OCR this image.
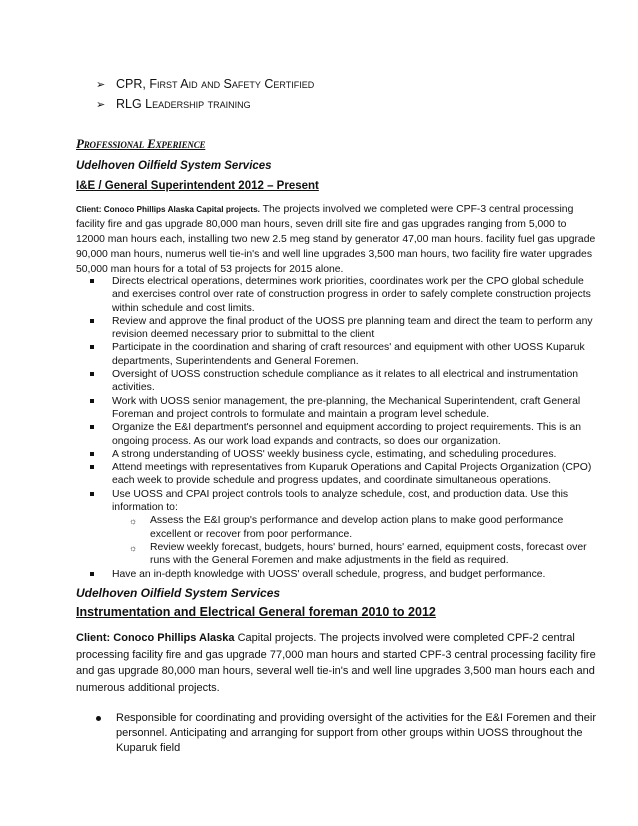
➢ CPR, First Aid and Safety Certified
➢ RLG Leadership training
Professional Experience
Udelhoven Oilfield System Services
I&E / General Superintendent 2012 – Present
Client: Conoco Phillips Alaska Capital projects. The projects involved we completed were CPF-3 central processing facility fire and gas upgrade 80,000 man hours, seven drill site fire and gas upgrades ranging from 5,000 to 12000 man hours each, installing two new 2.5 meg stand by generator 47,00 man hours. facility fuel gas upgrade 90,000 man hours, numerus well tie-in's and well line upgrades 3,500 man hours, two facility fire water upgrades 50,000 man hours for a total of 53 projects for 2015 alone.
Directs electrical operations, determines work priorities, coordinates work per the CPO global schedule and exercises control over rate of construction progress in order to safely complete construction projects within schedule and cost limits.
Review and approve the final product of the UOSS pre planning team and direct the team to perform any revision deemed necessary prior to submittal to the client
Participate in the coordination and sharing of craft resources' and equipment with other UOSS Kuparuk departments, Superintendents and General Foremen.
Oversight of UOSS construction schedule compliance as it relates to all electrical and instrumentation activities.
Work with UOSS senior management, the pre-planning, the Mechanical Superintendent, craft General Foreman and project controls to formulate and maintain a program level schedule.
Organize the E&I department's personnel and equipment according to project requirements. This is an ongoing process. As our work load expands and contracts, so does our organization.
A strong understanding of UOSS' weekly business cycle, estimating, and scheduling procedures.
Attend meetings with representatives from Kuparuk Operations and Capital Projects Organization (CPO) each week to provide schedule and progress updates, and coordinate simultaneous operations.
Use UOSS and CPAI project controls tools to analyze schedule, cost, and production data. Use this information to:
☼ Assess the E&I group's performance and develop action plans to make good performance excellent or recover from poor performance.
☼ Review weekly forecast, budgets, hours' burned, hours' earned, equipment costs, forecast over runs with the General Foremen and make adjustments in the field as required.
Have an in-depth knowledge with UOSS' overall schedule, progress, and budget performance.
Udelhoven Oilfield System Services
Instrumentation and Electrical General foreman 2010 to 2012
Client: Conoco Phillips Alaska Capital projects. The projects involved were completed CPF-2 central processing facility fire and gas upgrade 77,000 man hours and started CPF-3 central processing facility fire and gas upgrade 80,000 man hours, several well tie-in's and well line upgrades 3,500 man hours each and numerous additional projects.
Responsible for coordinating and providing oversight of the activities for the E&I Foremen and their personnel. Anticipating and arranging for support from other groups within UOSS throughout the Kuparuk field
